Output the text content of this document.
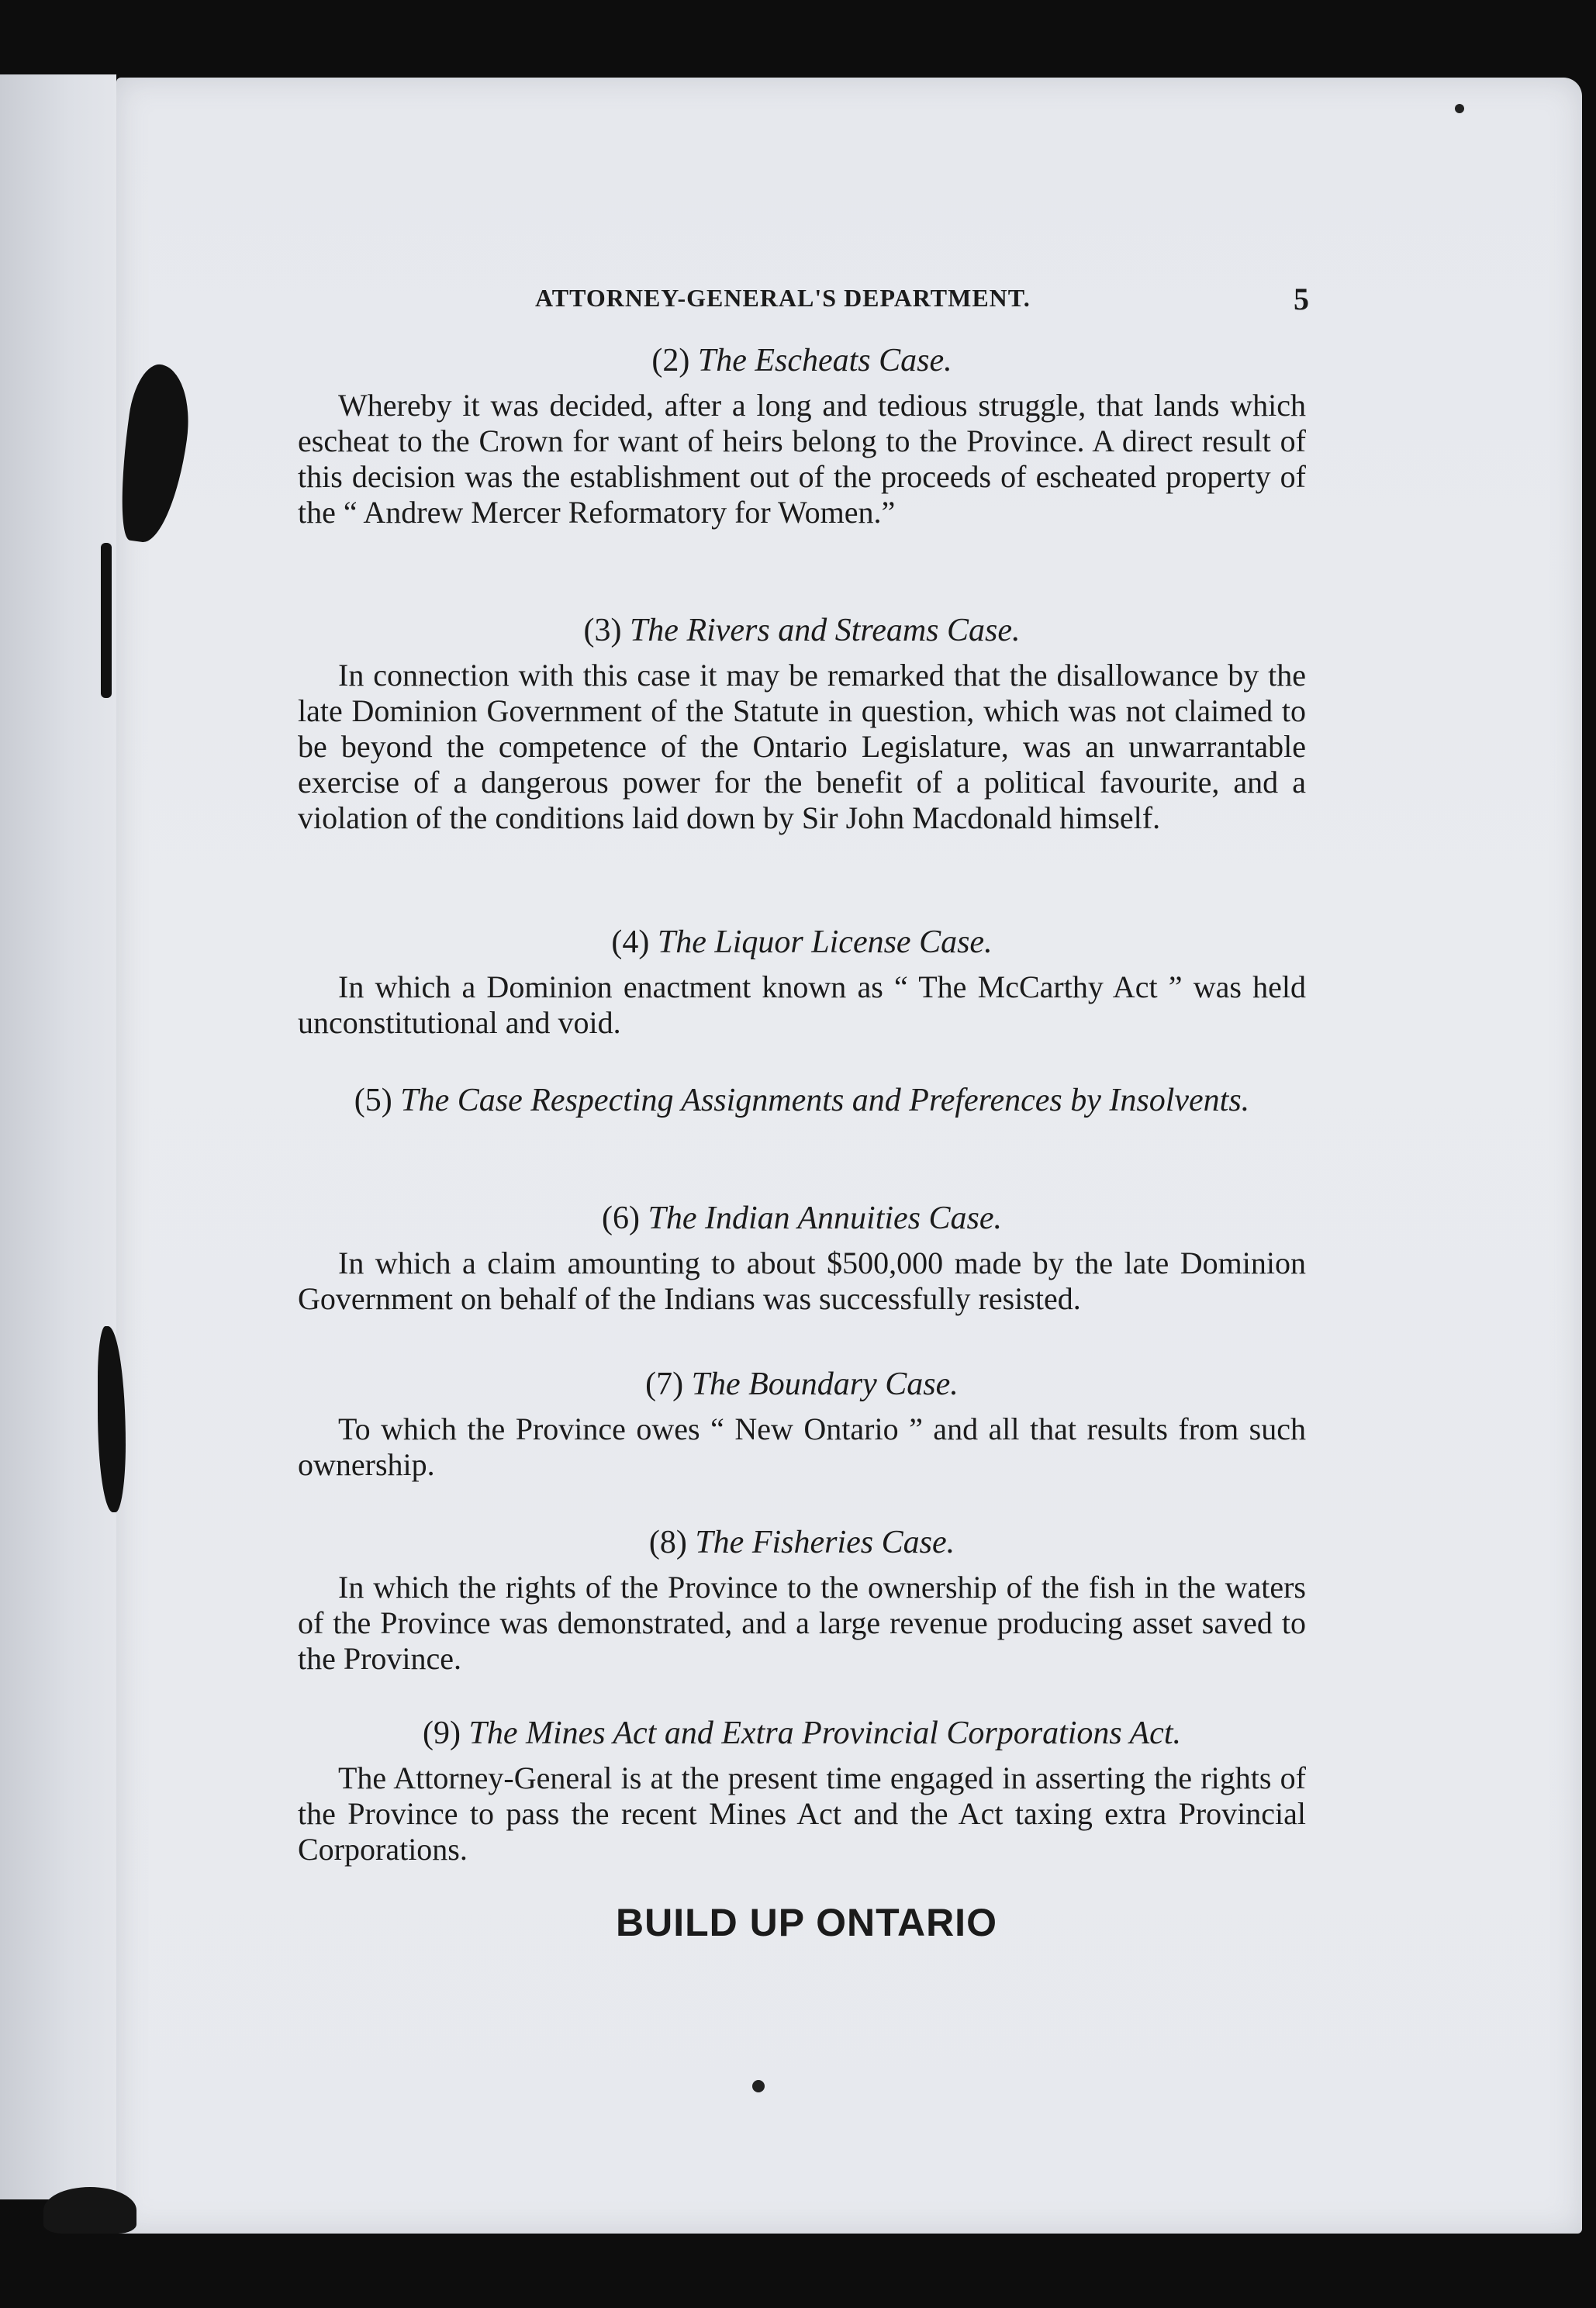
ATTORNEY-GENERAL'S DEPARTMENT.	5

(2) The Escheats Case.

Whereby it was decided, after a long and tedious struggle, that lands which escheat to the Crown for want of heirs belong to the Province. A direct result of this decision was the establishment out of the proceeds of escheated property of the “ Andrew Mercer Reformatory for Women.”

(3) The Rivers and Streams Case.

In connection with this case it may be remarked that the disallowance by the late Dominion Government of the Statute in question, which was not claimed to be beyond the competence of the Ontario Legislature, was an unwarrantable exercise of a dangerous power for the benefit of a political favourite, and a violation of the conditions laid down by Sir John Macdonald himself.

(4) The Liquor License Case.

In which a Dominion enactment known as “ The McCarthy Act ” was held unconstitutional and void.

(5) The Case Respecting Assignments and Preferences by Insolvents.

(6) The Indian Annuities Case.

In which a claim amounting to about $500,000 made by the late Dominion Government on behalf of the Indians was successfully resisted.

(7) The Boundary Case.

To which the Province owes “ New Ontario ” and all that results from such ownership.

(8) The Fisheries Case.

In which the rights of the Province to the ownership of the fish in the waters of the Province was demonstrated, and a large revenue producing asset saved to the Province.

(9) The Mines Act and Extra Provincial Corporations Act.

The Attorney-General is at the present time engaged in asserting the rights of the Province to pass the recent Mines Act and the Act taxing extra Provincial Corporations.

BUILD UP ONTARIO
